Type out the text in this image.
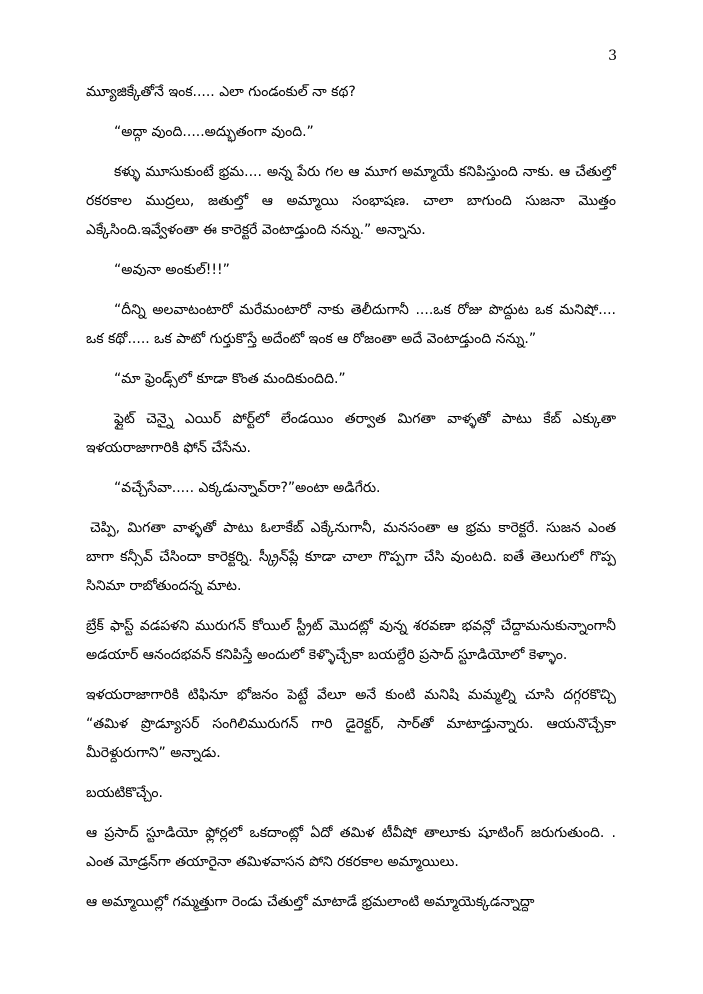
3

మ్యూజిక్కేతోనే ఇంక..... ఎలా గుండంకుల్ నా కథ?

“అద్గా వుంది.....అద్భుతంగా వుంది.”

కళ్ళు మూసుకుంటే భ్రమ.... అన్న పేరు గల ఆ మూగ అమ్మాయే కనిపిస్తుంది నాకు. ఆ చేతుల్తో రకరకాల ముద్రలు, జతుల్తో ఆ అమ్మాయి సంభాషణ. చాలా బాగుంది సుజనా మొత్తం ఎక్కేసింది.ఇవ్వేళంతా ఈ కారెక్టరే వెంటాడ్తుంది నన్ను.” అన్నాను.

“అవునా అంకుల్!!!”

“దీన్ని అలవాటంటారో మరేమంటారో నాకు తెలీదుగానీ ....ఒక రోజు పొద్దుట ఒక మనిషో.... ఒక కథో..... ఒక పాటో గుర్తుకొస్తే అదేంటో ఇంక ఆ రోజంతా అదే వెంటాడ్తుంది నన్ను.”

“మా ఫ్రెండ్స్‌లో కూడా కొంత మందికుందిది.”

ఫ్లైట్ చెన్నై ఎయిర్ పోర్ట్‌లో లేండయిం తర్వాత మిగతా వాళ్ళతో పాటు కేబ్ ఎక్కుతా ఇళయరాజాగారికి ఫోన్ చేసేను.

“వచ్చేసేవా..... ఎక్కడున్నావ్‌రా?”అంటా అడిగేరు.

చెప్పి, మిగతా వాళ్ళతో పాటు ఓలాకేబ్ ఎక్కేనుగానీ, మనసంతా ఆ భ్రమ కారెక్టరే. సుజన ఎంత బాగా కన్సీవ్ చేసిందా కారెక్టర్ని. స్క్రీన్‌ప్లే కూడా చాలా గొప్పగా చేసి వుంటది. ఐతే తెలుగులో గొప్ప సినిమా రాబోతుందన్న మాట.

బ్రేక్ ఫాస్ట్ వడపళని మురుగన్ కోయిల్ స్ట్రీట్ మొదట్లో వున్న శరవణా భవన్లో చేద్దామనుకున్నాంగానీ అడయార్ ఆనందభవన్ కనిపిస్తే అందులో కెళ్ళొచ్చేకా బయల్దేరి ప్రసాద్ స్టూడియోలో కెళ్ళాం.

ఇళయరాజాగారికి టిఫినూ భోజనం పెట్టే వేలూ అనే కుంటి మనిషి మమ్మల్ని చూసి దగ్గరకొచ్చి “తమిళ ప్రొడ్యూసర్ సంగిలిమురుగన్ గారి డైరెక్టర్, సార్‌తో మాటాడ్తున్నారు. ఆయనొచ్చేకా మీరెళ్దురుగాని” అన్నాడు.

బయటికొచ్చేం.

ఆ ప్రసాద్ స్టూడియో ఫ్లోర్లలో ఒకదాంట్లో ఏదో తమిళ టీవీషో తాలూకు షూటింగ్ జరుగుతుంది. . ఎంత మోడ్రన్‌గా తయారైనా తమిళవాసన పోని రకరకాల అమ్మాయిలు.

ఆ అమ్మాయిల్లో గమ్మత్తుగా రెండు చేతుల్తో మాటాడే భ్రమలాంటి అమ్మాయెక్కడన్నాద్దా
